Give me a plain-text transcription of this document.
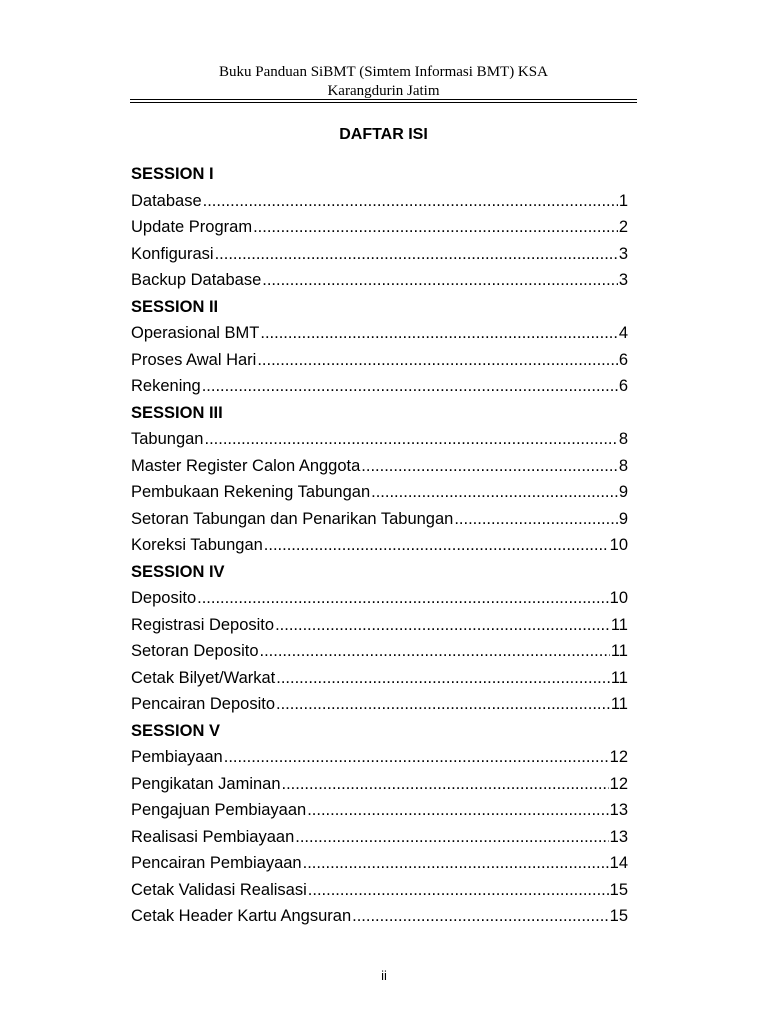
Buku Panduan SiBMT (Simtem Informasi BMT) KSA
Karangdurin Jatim
DAFTAR ISI
SESSION I
Database .....	1
Update Program .....	2
Konfigurasi .....	3
Backup Database .....	3
SESSION II
Operasional BMT .....	4
Proses Awal Hari .....	6
Rekening .....	6
SESSION III
Tabungan .....	8
Master Register Calon Anggota .....	8
Pembukaan Rekening Tabungan .....	9
Setoran Tabungan dan Penarikan Tabungan .....	9
Koreksi Tabungan .....	10
SESSION IV
Deposito .....	10
Registrasi Deposito .....	11
Setoran Deposito .....	11
Cetak Bilyet/Warkat .....	11
Pencairan Deposito .....	11
SESSION V
Pembiayaan .....	12
Pengikatan Jaminan .....	12
Pengajuan Pembiayaan .....	13
Realisasi Pembiayaan .....	13
Pencairan Pembiayaan .....	14
Cetak Validasi Realisasi .....	15
Cetak Header Kartu Angsuran .....	15
ii
